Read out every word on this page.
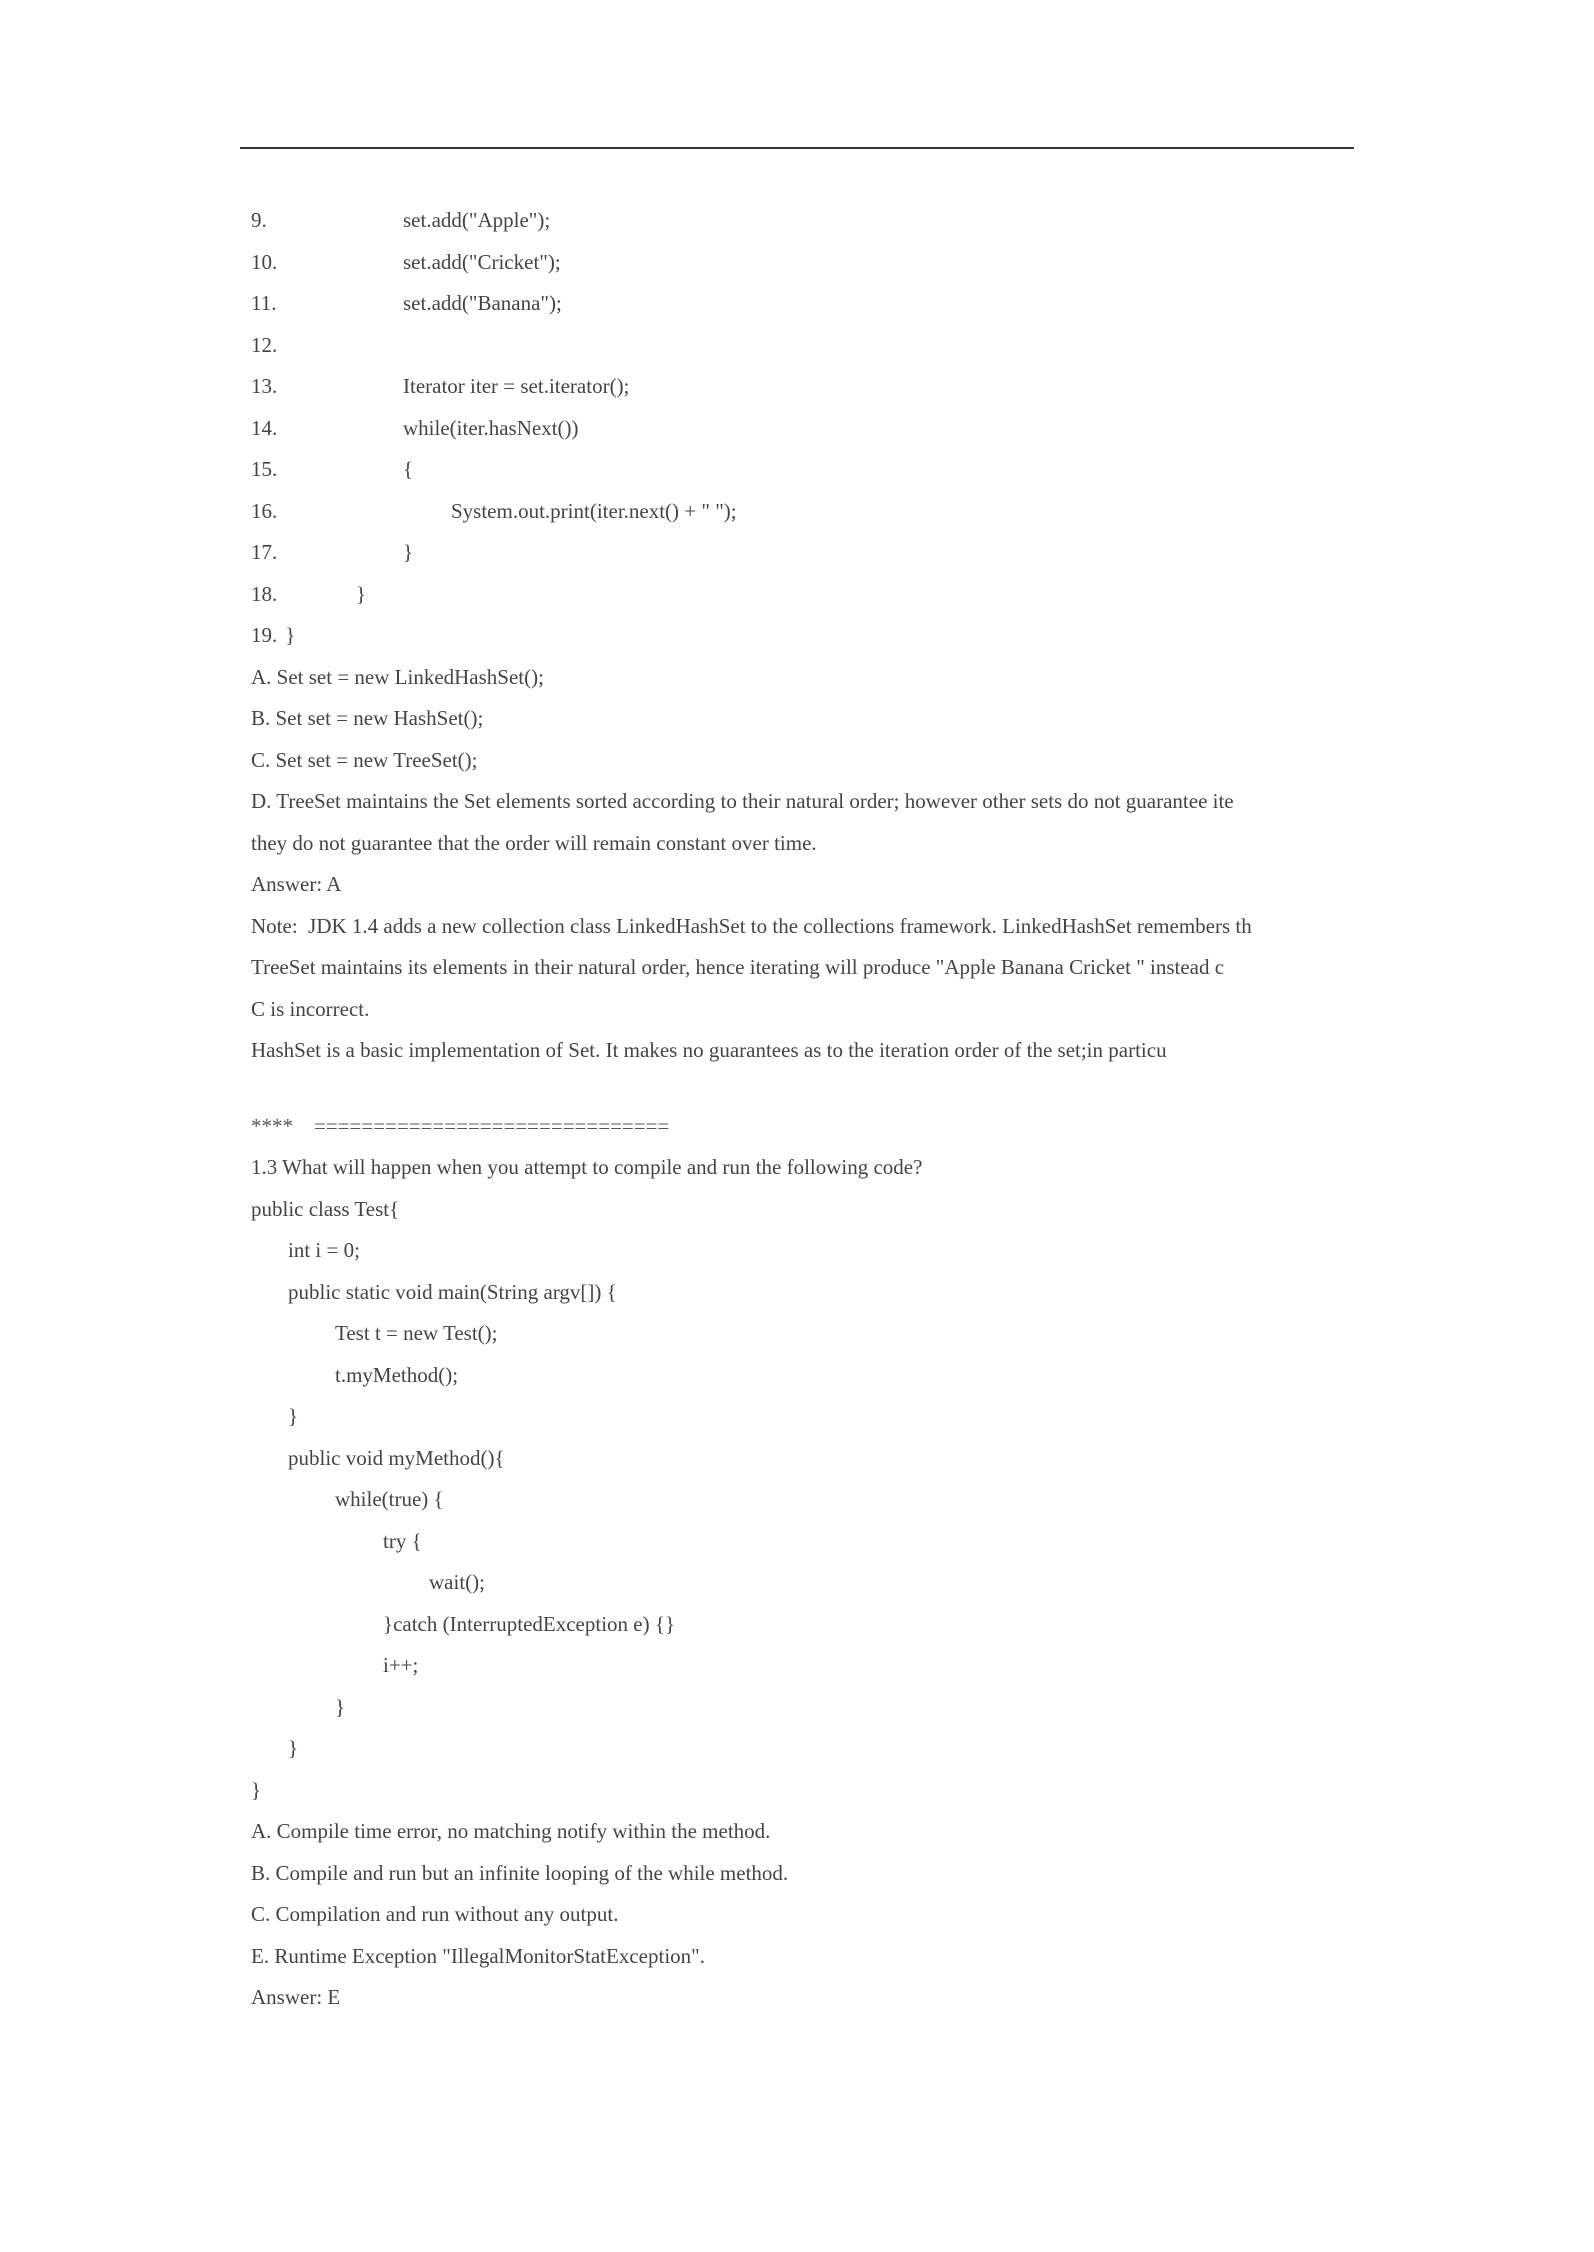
9.	set.add("Apple");
10.	set.add("Cricket");
11.	set.add("Banana");
12.
13.	Iterator iter = set.iterator();
14.	while(iter.hasNext())
15.	{
16.	System.out.print(iter.next() + " ");
17.	}
18.	}
19. }
A. Set set = new LinkedHashSet();
B. Set set = new HashSet();
C. Set set = new TreeSet();
D. TreeSet maintains the Set elements sorted according to their natural order; however other sets do not guarantee ite
they do not guarantee that the order will remain constant over time.
Answer: A
Note:  JDK 1.4 adds a new collection class LinkedHashSet to the collections framework. LinkedHashSet remembers th
TreeSet maintains its elements in their natural order, hence iterating will produce "Apple Banana Cricket " instead c
C is incorrect.
HashSet is a basic implementation of Set. It makes no guarantees as to the iteration order of the set;in particu
****    ==============================
1.3 What will happen when you attempt to compile and run the following code?
public class Test{
int i = 0;
public static void main(String argv[]) {
Test t = new Test();
t.myMethod();
}
public void myMethod(){
while(true) {
try {
wait();
}catch (InterruptedException e) {}
i++;
}
}
}
A. Compile time error, no matching notify within the method.
B. Compile and run but an infinite looping of the while method.
C. Compilation and run without any output.
E. Runtime Exception "IllegalMonitorStatException".
Answer: E
